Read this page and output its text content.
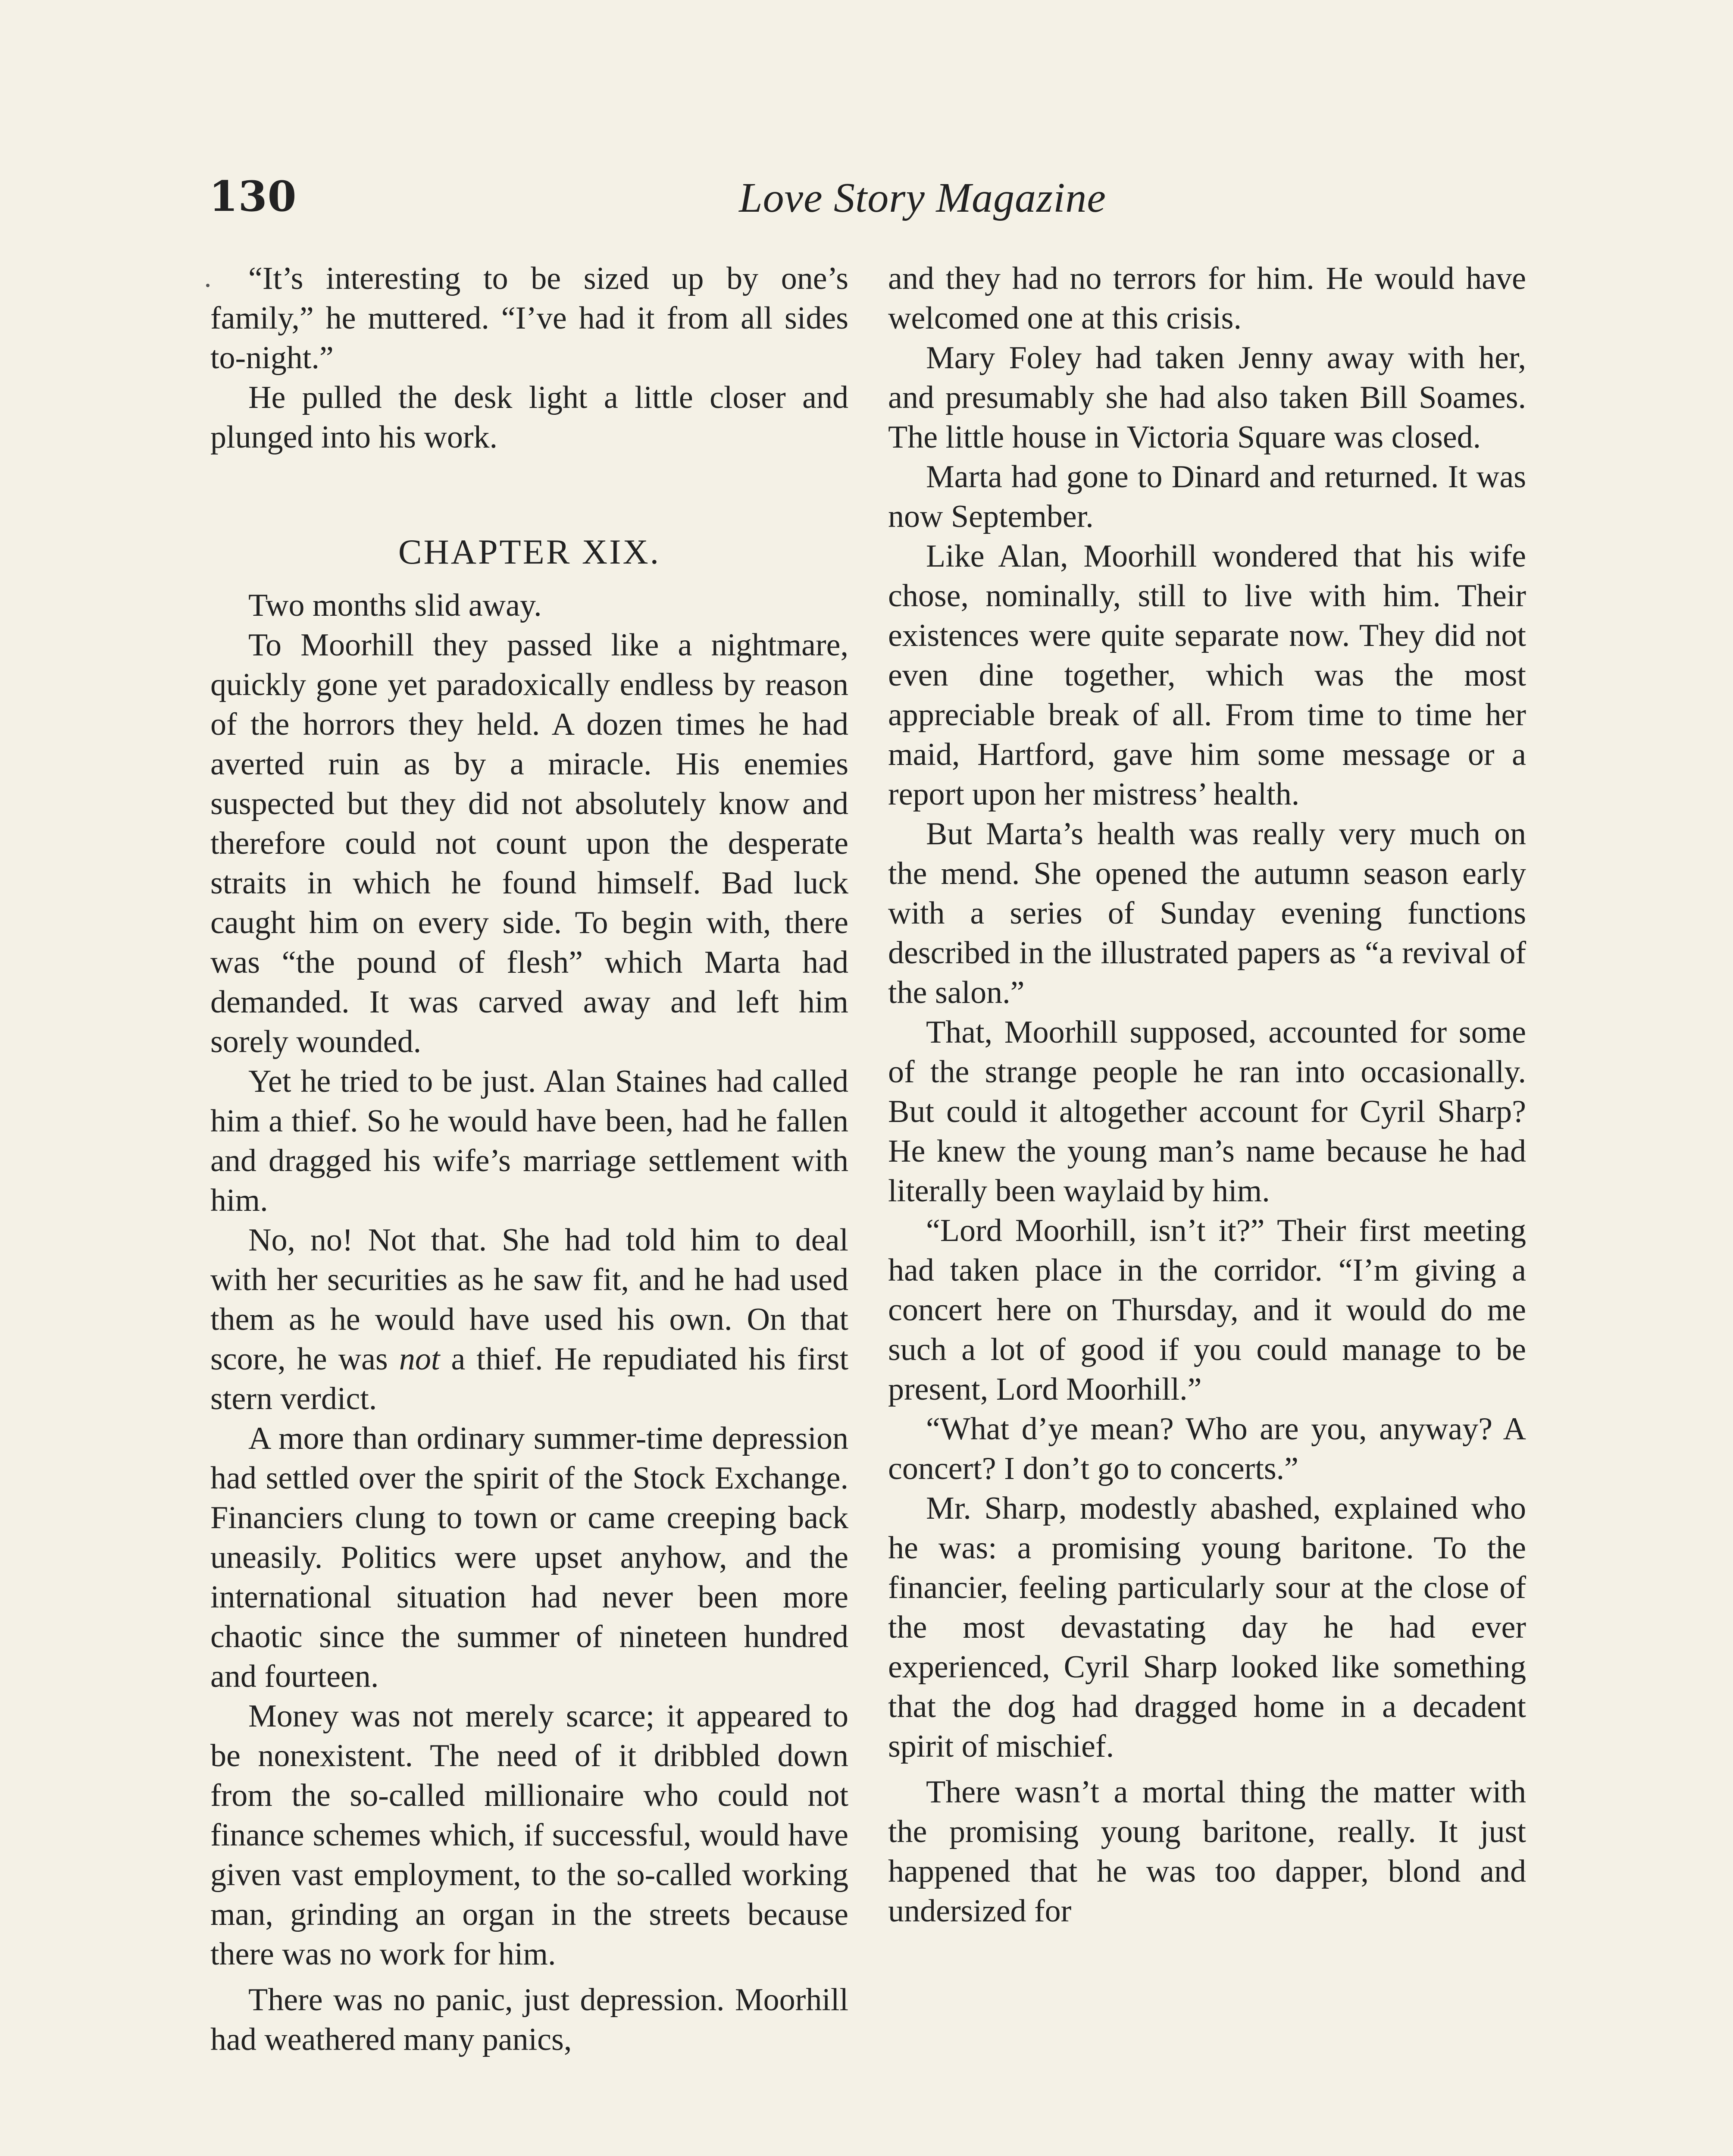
130	Love Story Magazine

“It’s interesting to be sized up by one’s family,” he muttered. “I’ve had it from all sides to-night.”

He pulled the desk light a little closer and plunged into his work.

CHAPTER XIX.

Two months slid away.

To Moorhill they passed like a nightmare, quickly gone yet paradoxically endless by reason of the horrors they held. A dozen times he had averted ruin as by a miracle. His enemies suspected but they did not absolutely know and therefore could not count upon the desperate straits in which he found himself. Bad luck caught him on every side. To begin with, there was “the pound of flesh” which Marta had demanded. It was carved away and left him sorely wounded.

Yet he tried to be just. Alan Staines had called him a thief. So he would have been, had he fallen and dragged his wife’s marriage settlement with him.

No, no! Not that. She had told him to deal with her securities as he saw fit, and he had used them as he would have used his own. On that score, he was not a thief. He repudiated his first stern verdict.

A more than ordinary summer-time depression had settled over the spirit of the Stock Exchange. Financiers clung to town or came creeping back uneasily. Politics were upset anyhow, and the international situation had never been more chaotic since the summer of nineteen hundred and fourteen.

Money was not merely scarce; it appeared to be nonexistent. The need of it dribbled down from the so-called millionaire who could not finance schemes which, if successful, would have given vast employment, to the so-called working man, grinding an organ in the streets because there was no work for him.

There was no panic, just depression. Moorhill had weathered many panics,

and they had no terrors for him. He would have welcomed one at this crisis.

Mary Foley had taken Jenny away with her, and presumably she had also taken Bill Soames. The little house in Victoria Square was closed.

Marta had gone to Dinard and returned. It was now September.

Like Alan, Moorhill wondered that his wife chose, nominally, still to live with him. Their existences were quite separate now. They did not even dine together, which was the most appreciable break of all. From time to time her maid, Hartford, gave him some message or a report upon her mistress’ health.

But Marta’s health was really very much on the mend. She opened the autumn season early with a series of Sunday evening functions described in the illustrated papers as “a revival of the salon.”

That, Moorhill supposed, accounted for some of the strange people he ran into occasionally. But could it altogether account for Cyril Sharp? He knew the young man’s name because he had literally been waylaid by him.

“Lord Moorhill, isn’t it?” Their first meeting had taken place in the corridor. “I’m giving a concert here on Thursday, and it would do me such a lot of good if you could manage to be present, Lord Moorhill.”

“What d’ye mean? Who are you, anyway? A concert? I don’t go to concerts.”

Mr. Sharp, modestly abashed, explained who he was: a promising young baritone. To the financier, feeling particularly sour at the close of the most devastating day he had ever experienced, Cyril Sharp looked like something that the dog had dragged home in a decadent spirit of mischief.

There wasn’t a mortal thing the matter with the promising young baritone, really. It just happened that he was too dapper, blond and undersized for
